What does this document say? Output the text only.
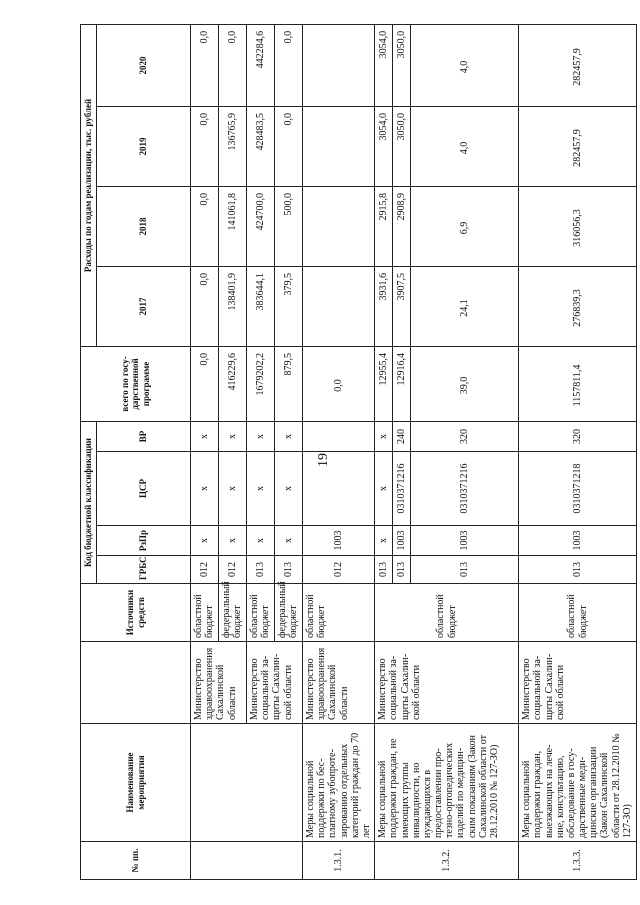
19
№ пп.	Наименование мероприятия		Источники средств	Код бюджетной классификации				всего по госу-дарственной программе	Расходы по годам реализации, тыс. рублей			
				ГРБС	РзПр	ЦСР	ВР		2017	2018	2019	2020
		Министерство здравоохранения Сахалинской области	областной бюджет	012	х	х	х	0,0	0,0	0,0	0,0	0,0
			федеральный бюджет	012	х	х	х	416229,6	138401,9	141061,8	136765,9	0,0
		Министерство социальной за-щиты Сахалин-ской области	областной бюджет	013	х	х	х	1679202,2	383644,1	424700,0	428483,5	442284,6
			федеральный бюджет	013	х	х	х	879,5	379,5	500,0	0,0	0,0
1.3.1.	Меры социальной поддержки по бес-платному зубопроте-зированию отдельных категорий граждан до 70 лет	Министерство здравоохранения Сахалинской области	областной бюджет	012	1003			0,0				
1.3.2.	Меры социальной поддержки граждан, не имеющих группы инвалидности, но нуждающихся в предоставлении про-тезно-ортопедических изделий по медицин-ским показаниям (Закон Сахалинской области от 28.12.2010 № 127-ЗО)	Министерство социальной за-щиты Сахалин-ской области	областной бюджет	013	х	х	х	12955,4	3931,6	2915,8	3054,0	3054,0
				013	1003	0310371216	240	12916,4	3907,5	2908,9	3050,0	3050,0
				013	1003	0310371216	320	39,0	24,1	6,9	4,0	4,0
1.3.3.	Меры социальной поддержки граждан, выезжающих на лече-ние, консультацию, обследование в госу-дарственные меди-цинские организации (Закон Сахалинской области от 28.12.2010 № 127-ЗО)	Министерство социальной за-щиты Сахалин-ской области	областной бюджет	013	1003	0310371218	320	1157811,4	276839,3	316056,3	282457,9	282457,9
